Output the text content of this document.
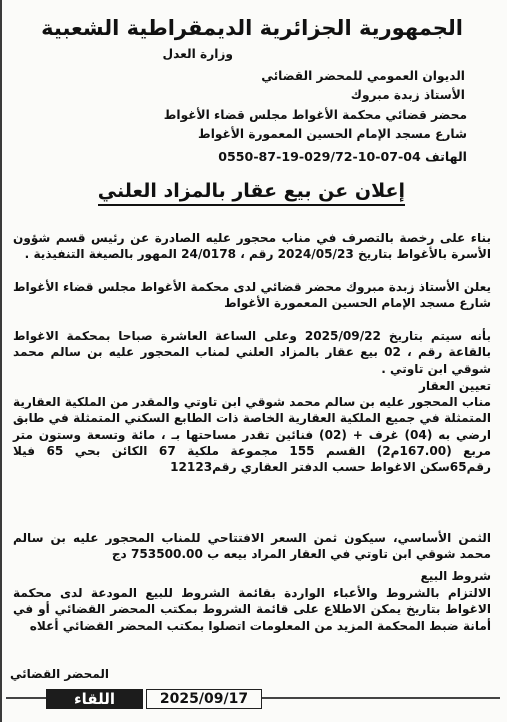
الجمهورية الجزائرية الديمقراطية الشعبية
وزارة العدل
الديوان العمومي للمحضر القضائي
الأستاذ زبدة مبروك
محضر قضائي محكمة الأغواط مجلس قضاء الأغواط
شارع مسجد الإمام الحسين المعمورة الأغواط
الهاتف 04-07-10-029/72-19-87-0550
إعلان عن بيع عقار بالمزاد العلني
بناء على رخصة بالتصرف في مناب محجور عليه الصادرة عن رئيس قسم شؤون الأسرة بالأغواط بتاريخ 2024/05/23 رقم ، 24/0178 المهور بالصيغة التنفيذية .
يعلن الأستاذ زبدة مبروك محضر قضائي لدى محكمة الأغواط مجلس قضاء الأغواط شارع مسجد الإمام الحسين المعمورة الأغواط
بأنه سيتم بتاريخ 2025/09/22 وعلى الساعة العاشرة صباحا بمحكمة الاغواط بالقاعة رقم ، 02 بيع عقار بالمزاد العلني لمناب المحجور عليه بن سالم محمد شوقي ابن تاوتي .
تعيين العقار
مناب المحجور عليه بن سالم محمد شوقي ابن تاوتي والمقدر من الملكية العقارية المتمثلة في جميع الملكية العقارية الخاصة ذات الطابع السكني المتمثلة في طابق ارضي به (04) غرف + (02) فنائين تقدر مساحتها بـ ، مائة وتسعة وستون متر مربع (167.00م2) القسم 155 مجموعة ملكية 67 الكائن بحي 65 فيلا رقم65سكن الاغواط حسب الدفتر العقاري رقم12123
الثمن الأساسي، سيكون ثمن السعر الافتتاحي للمناب المحجور عليه بن سالم محمد شوقي ابن تاوتي في العقار المراد بيعه ب 753500.00 دج
شروط البيع
الالتزام بالشروط والأعباء الواردة بقائمة الشروط للبيع المودعة لدى محكمة الاغواط بتاريخ يمكن الاطلاع على قائمة الشروط بمكتب المحضر القضائي أو في أمانة ضبط المحكمة المزيد من المعلومات اتصلوا بمكتب المحضر القضائي أعلاه
المحضر القضائي
2025/09/17
اللقاء
